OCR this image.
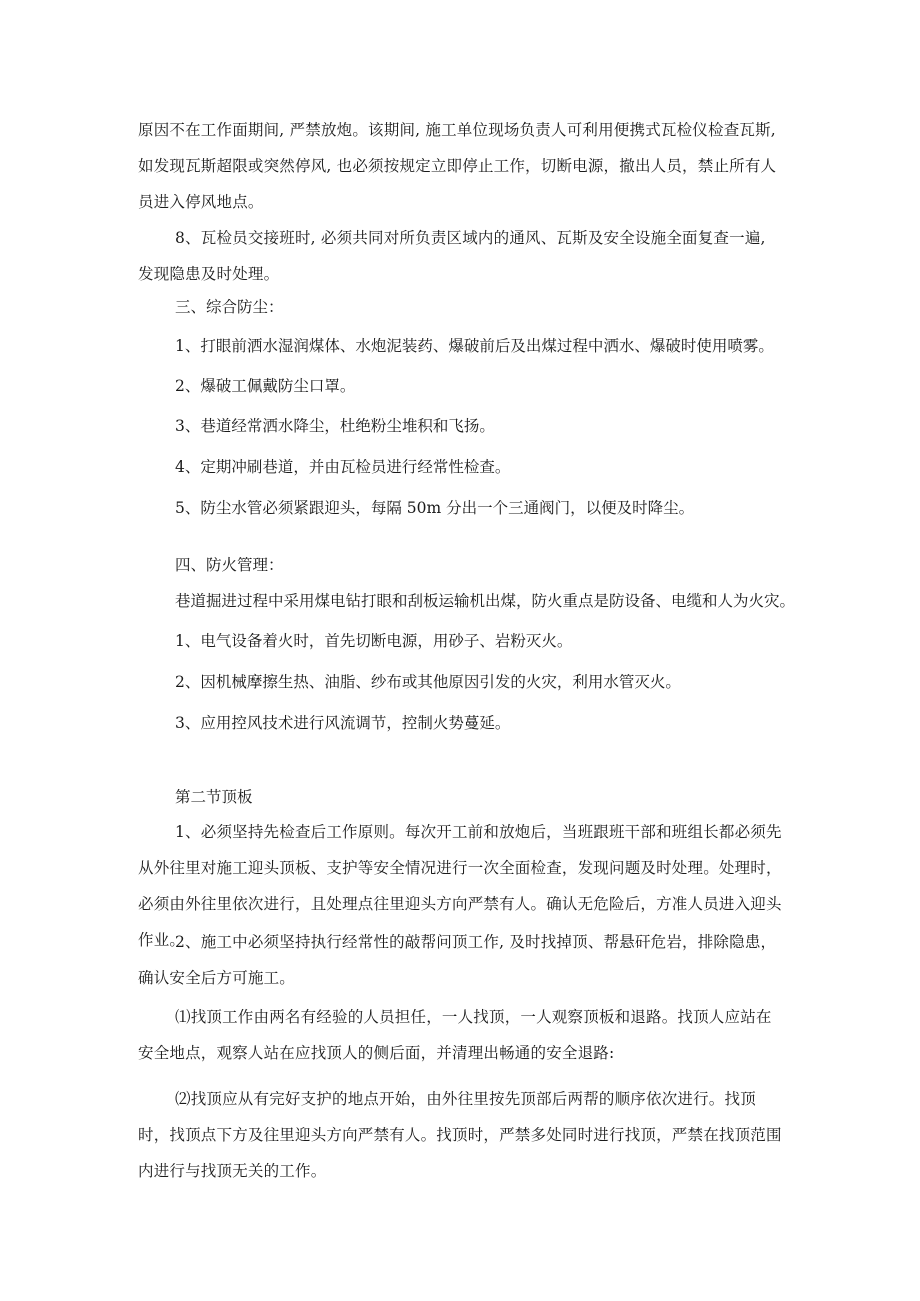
原因不在工作面期间, 严禁放炮。该期间, 施工单位现场负责人可利用便携式瓦检仪检查瓦斯, 如发现瓦斯超限或突然停风, 也必须按规定立即停止工作，切断电源，撤出人员，禁止所有人员进入停风地点。

8、瓦检员交接班时, 必须共同对所负责区域内的通风、瓦斯及安全设施全面复查一遍, 发现隐患及时处理。

三、综合防尘：

1、打眼前洒水湿润煤体、水炮泥装药、爆破前后及出煤过程中洒水、爆破时使用喷雾。

2、爆破工佩戴防尘口罩。

3、巷道经常洒水降尘，杜绝粉尘堆积和飞扬。

4、定期冲刷巷道，并由瓦检员进行经常性检查。

5、防尘水管必须紧跟迎头，每隔 50m 分出一个三通阀门，以便及时降尘。

四、防火管理：

巷道掘进过程中采用煤电钻打眼和刮板运输机出煤，防火重点是防设备、电缆和人为火灾。

1、电气设备着火时，首先切断电源，用砂子、岩粉灭火。

2、因机械摩擦生热、油脂、纱布或其他原因引发的火灾，利用水管灭火。

3、应用控风技术进行风流调节，控制火势蔓延。

第二节顶板

1、必须坚持先检查后工作原则。每次开工前和放炮后，当班跟班干部和班组长都必须先从外往里对施工迎头顶板、支护等安全情况进行一次全面检查，发现问题及时处理。处理时，必须由外往里依次进行，且处理点往里迎头方向严禁有人。确认无危险后，方准人员进入迎头作业。

2、施工中必须坚持执行经常性的敲帮问顶工作, 及时找掉顶、帮悬矸危岩，排除隐患，确认安全后方可施工。

⑴找顶工作由两名有经验的人员担任，一人找顶，一人观察顶板和退路。找顶人应站在安全地点，观察人站在应找顶人的侧后面，并清理出畅通的安全退路:

⑵找顶应从有完好支护的地点开始，由外往里按先顶部后两帮的顺序依次进行。找顶时，找顶点下方及往里迎头方向严禁有人。找顶时，严禁多处同时进行找顶，严禁在找顶范围内进行与找顶无关的工作。
